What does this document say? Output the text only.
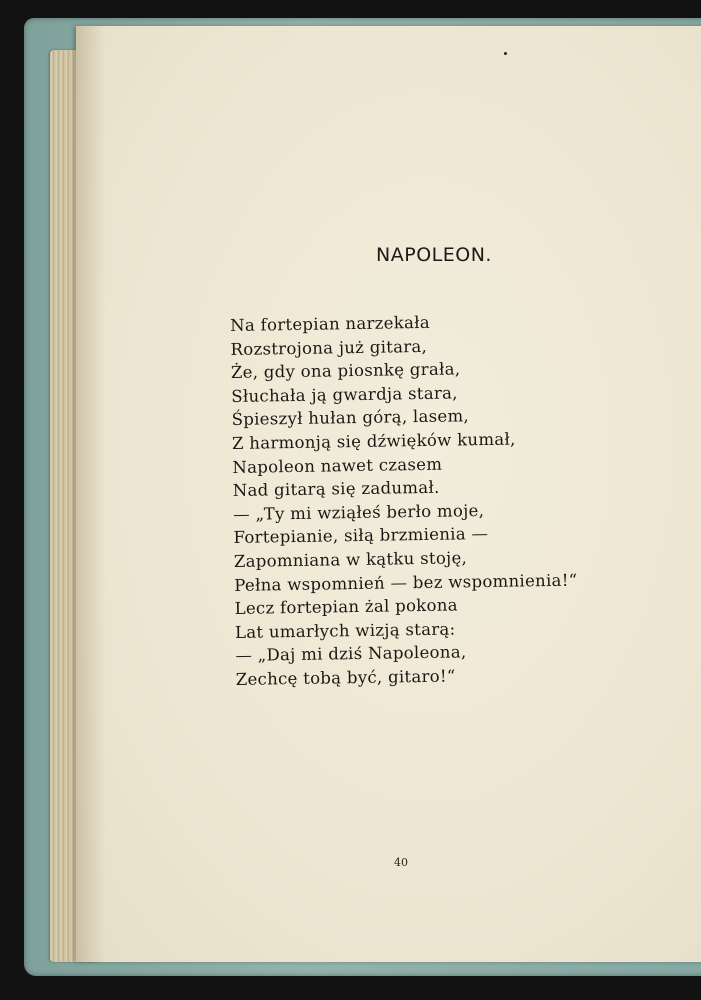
NAPOLEON.
Na fortepian narzekała
Rozstrojona już gitara,
Że, gdy ona piosnkę grała,
Słuchała ją gwardja stara,
Śpieszył hułan górą, lasem,
Z harmonją się dźwięków kumał,
Napoleon nawet czasem
Nad gitarą się zadumał.
— „Ty mi wziąłeś berło moje,
Fortepianie, siłą brzmienia —
Zapomniana w kątku stoję,
Pełna wspomnień — bez wspomnienia!“
Lecz fortepian żal pokona
Lat umarłych wizją starą:
— „Daj mi dziś Napoleona,
Zechcę tobą być, gitaro!“
40
